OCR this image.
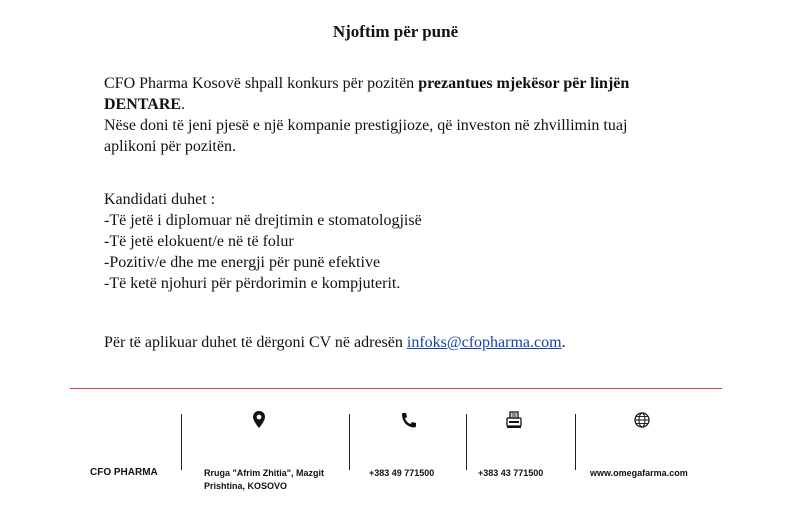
Njoftim për punë

CFO Pharma Kosovë shpall konkurs për pozitën prezantues mjekësor për linjën
DENTARE.

Nëse doni të jeni pjesë e një kompanie prestigjioze, që investon në zhvillimin tuaj

aplikoni për pozitën.

Kandidati duhet :

-Të jetë i diplomuar në drejtimin e stomatologjisë

-Të jetë elokuent/e në të folur

-Pozitiv/e dhe me energji për punë efektive

-Të ketë njohuri për përdorimin e kompjuterit.

Për të aplikuar duhet të dërgoni CV në adresën infoks@cfopharma.com.

CFO PHARMA	Rruga "Afrim Zhitia", Mazgit
Prishtina, KOSOVO
+383 49 771500	+383 43 771500	www.omegafarma.com
